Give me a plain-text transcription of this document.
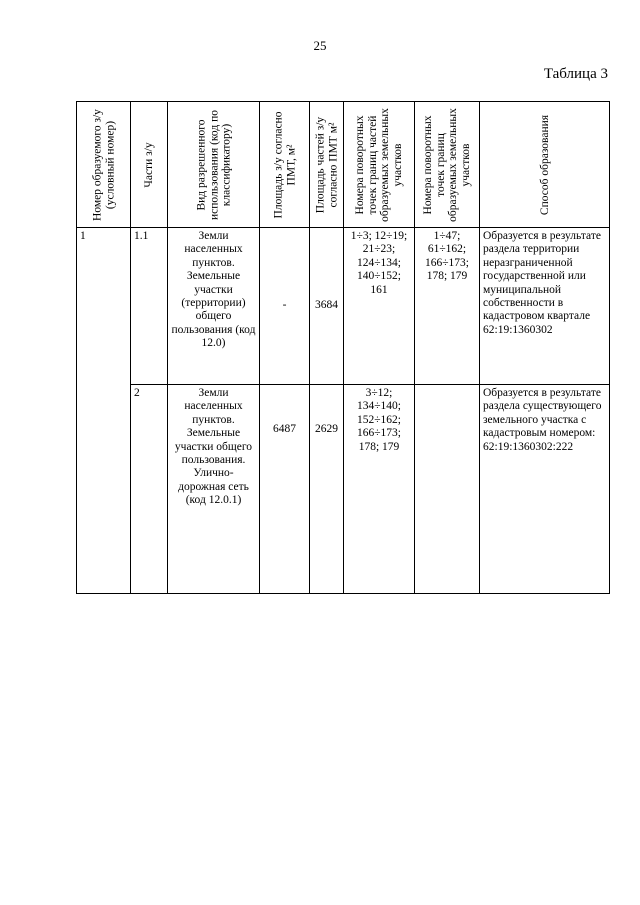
25
Таблица 3
Номер образуемого з/у (условный номер)	Части з/у	Вид разрешенного использования (код по классификатору)	Площадь з/у согласно ПМТ, м²	Площадь частей з/у согласно ПМТ м²	Номера поворотных точек границ частей образуемых земельных участков	Номера поворотных точек границ образуемых земельных участков	Способ образования

1	1.1	Земли населенных пунктов. Земельные участки (территории) общего пользования (код 12.0)	-	3684	1÷3; 12÷19; 21÷23; 124÷134; 140÷152; 161	1÷47; 61÷162; 166÷173; 178; 179	Образуется в результате раздела территории неразграниченной государственной или муниципальной собственности в кадастровом квартале 62:19:1360302
	2	Земли населенных пунктов. Земельные участки общего пользования. Улично-дорожная сеть (код 12.0.1)	6487	2629	3÷12; 134÷140; 152÷162; 166÷173; 178; 179		Образуется в результате раздела существующего земельного участка с кадастровым номером: 62:19:1360302:222
